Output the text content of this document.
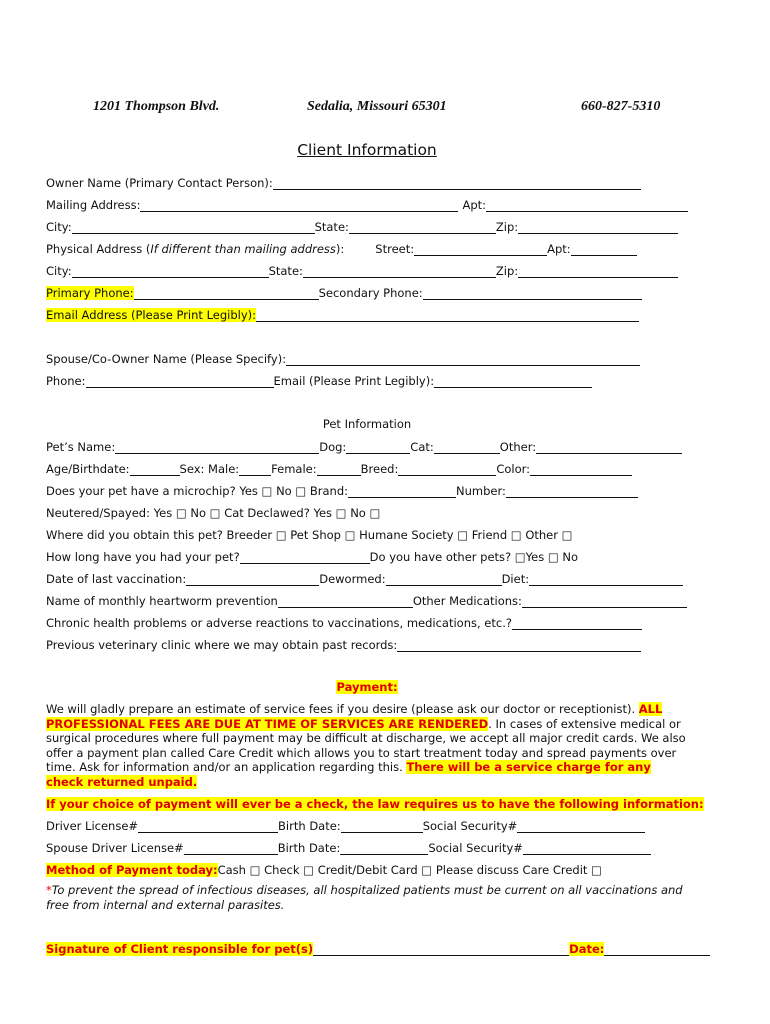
1201 Thompson Blvd.	Sedalia, Missouri 65301	660-827-5310
Client Information
Owner Name (Primary Contact Person):
Mailing Address:	Apt:
City:	State:	Zip:
Physical Address ( If different than mailing address ):	Street:	Apt:
City:	State:	Zip:
Primary Phone:	Secondary Phone:
Email Address (Please Print Legibly):
Spouse/Co-Owner Name (Please Specify):
Phone:	Email (Please Print Legibly):
Pet Information
Pet’s Name:	Dog:	Cat:	Other:
Age/Birthdate:	Sex: Male:	Female:	Breed:	Color:
Does your pet have a microchip? Yes □ No □ Brand:	Number:
Neutered/Spayed: Yes □ No □ Cat Declawed? Yes □ No □
Where did you obtain this pet? Breeder □ Pet Shop □ Humane Society □ Friend □ Other □
How long have you had your pet?	Do you have other pets? □Yes □ No
Date of last vaccination:	Dewormed:	Diet:
Name of monthly heartworm prevention	Other Medications:
Chronic health problems or adverse reactions to vaccinations, medications, etc.?
Previous veterinary clinic where we may obtain past records:
Payment:
We will gladly prepare an estimate of service fees if you desire (please ask our doctor or receptionist). ALL PROFESSIONAL FEES ARE DUE AT TIME OF SERVICES ARE RENDERED. In cases of extensive medical or surgical procedures where full payment may be difficult at discharge, we accept all major credit cards. We also offer a payment plan called Care Credit which allows you to start treatment today and spread payments over time. Ask for information and/or an application regarding this. There will be a service charge for any check returned unpaid.
If your choice of payment will ever be a check, the law requires us to have the following information:
Driver License#	Birth Date:	Social Security#
Spouse Driver License#	Birth Date:	Social Security#
Method of Payment today: Cash □ Check □ Credit/Debit Card □ Please discuss Care Credit □
*To prevent the spread of infectious diseases, all hospitalized patients must be current on all vaccinations and free from internal and external parasites.
Signature of Client responsible for pet(s)	Date:
